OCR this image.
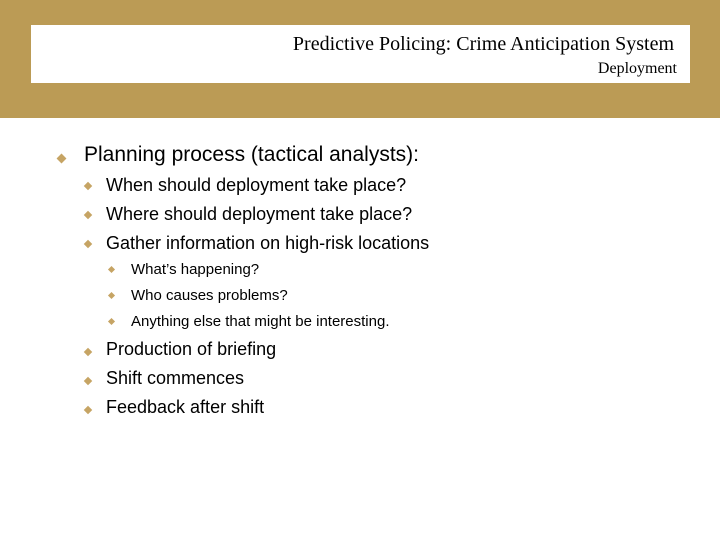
Predictive Policing: Crime Anticipation System
Deployment
Planning process (tactical analysts):
When should deployment take place?
Where should deployment take place?
Gather information on high-risk locations
What’s happening?
Who causes problems?
Anything else that might be interesting.
Production of briefing
Shift commences
Feedback after shift
